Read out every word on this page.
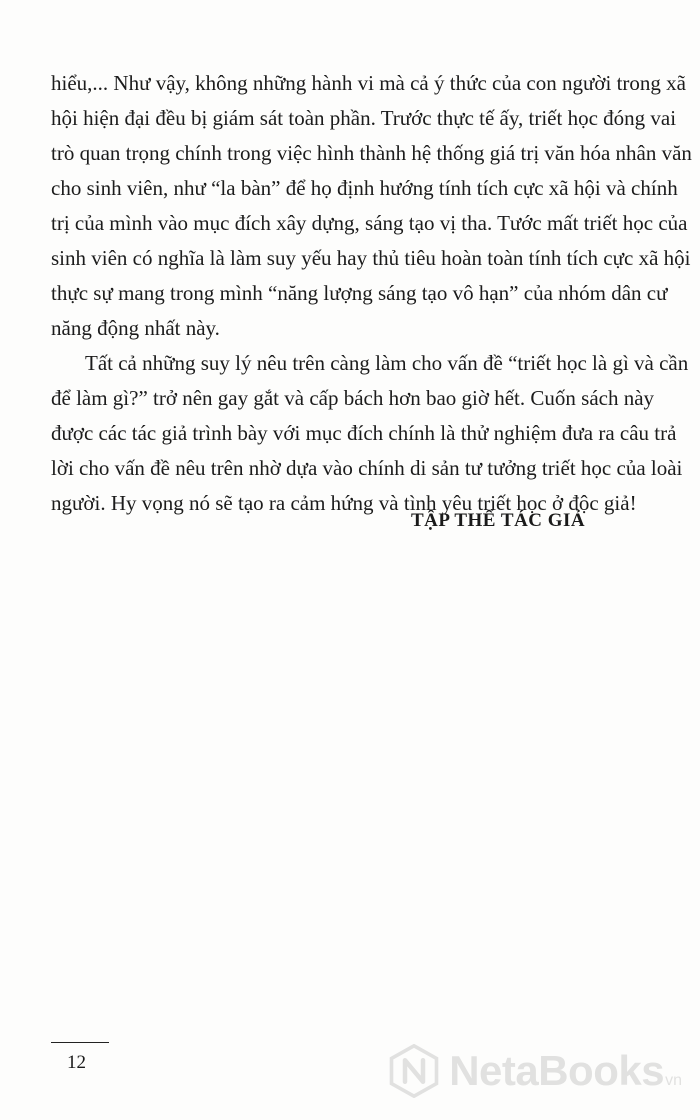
hiểu,... Như vậy, không những hành vi mà cả ý thức của con người trong xã
hội hiện đại đều bị giám sát toàn phần. Trước thực tế ấy, triết học đóng vai
trò quan trọng chính trong việc hình thành hệ thống giá trị văn hóa nhân văn
cho sinh viên, như “la bàn” để họ định hướng tính tích cực xã hội và chính
trị của mình vào mục đích xây dựng, sáng tạo vị tha. Tước mất triết học của
sinh viên có nghĩa là làm suy yếu hay thủ tiêu hoàn toàn tính tích cực xã hội
thực sự mang trong mình “năng lượng sáng tạo vô hạn” của nhóm dân cư
năng động nhất này.

Tất cả những suy lý nêu trên càng làm cho vấn đề “triết học là gì và cần
để làm gì?” trở nên gay gắt và cấp bách hơn bao giờ hết. Cuốn sách này
được các tác giả trình bày với mục đích chính là thử nghiệm đưa ra câu trả
lời cho vấn đề nêu trên nhờ dựa vào chính di sản tư tưởng triết học của loài
người. Hy vọng nó sẽ tạo ra cảm hứng và tình yêu triết học ở độc giả!

TẬP THỂ TÁC GIẢ
12	NetaBooks vn
